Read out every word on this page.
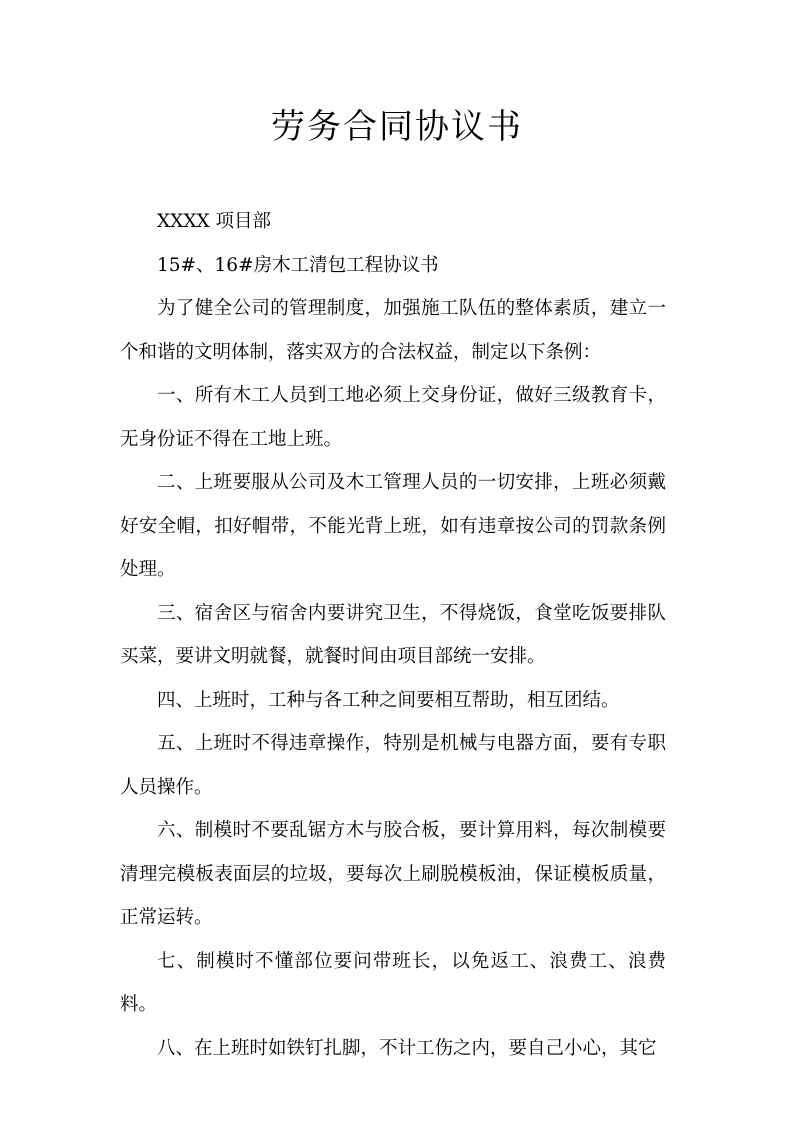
劳务合同协议书

XXXX 项目部

15#、16#房木工清包工程协议书

为了健全公司的管理制度，加强施工队伍的整体素质，建立一个和谐的文明体制，落实双方的合法权益，制定以下条例：

一、所有木工人员到工地必须上交身份证，做好三级教育卡，无身份证不得在工地上班。

二、上班要服从公司及木工管理人员的一切安排，上班必须戴好安全帽，扣好帽带，不能光背上班，如有违章按公司的罚款条例处理。

三、宿舍区与宿舍内要讲究卫生，不得烧饭，食堂吃饭要排队买菜，要讲文明就餐，就餐时间由项目部统一安排。

四、上班时，工种与各工种之间要相互帮助，相互团结。

五、上班时不得违章操作，特别是机械与电器方面，要有专职人员操作。

六、制模时不要乱锯方木与胶合板，要计算用料，每次制模要清理完模板表面层的垃圾，要每次上刷脱模板油，保证模板质量，正常运转。

七、制模时不懂部位要问带班长，以免返工、浪费工、浪费料。

八、在上班时如铁钉扎脚，不计工伤之内，要自己小心，其它
